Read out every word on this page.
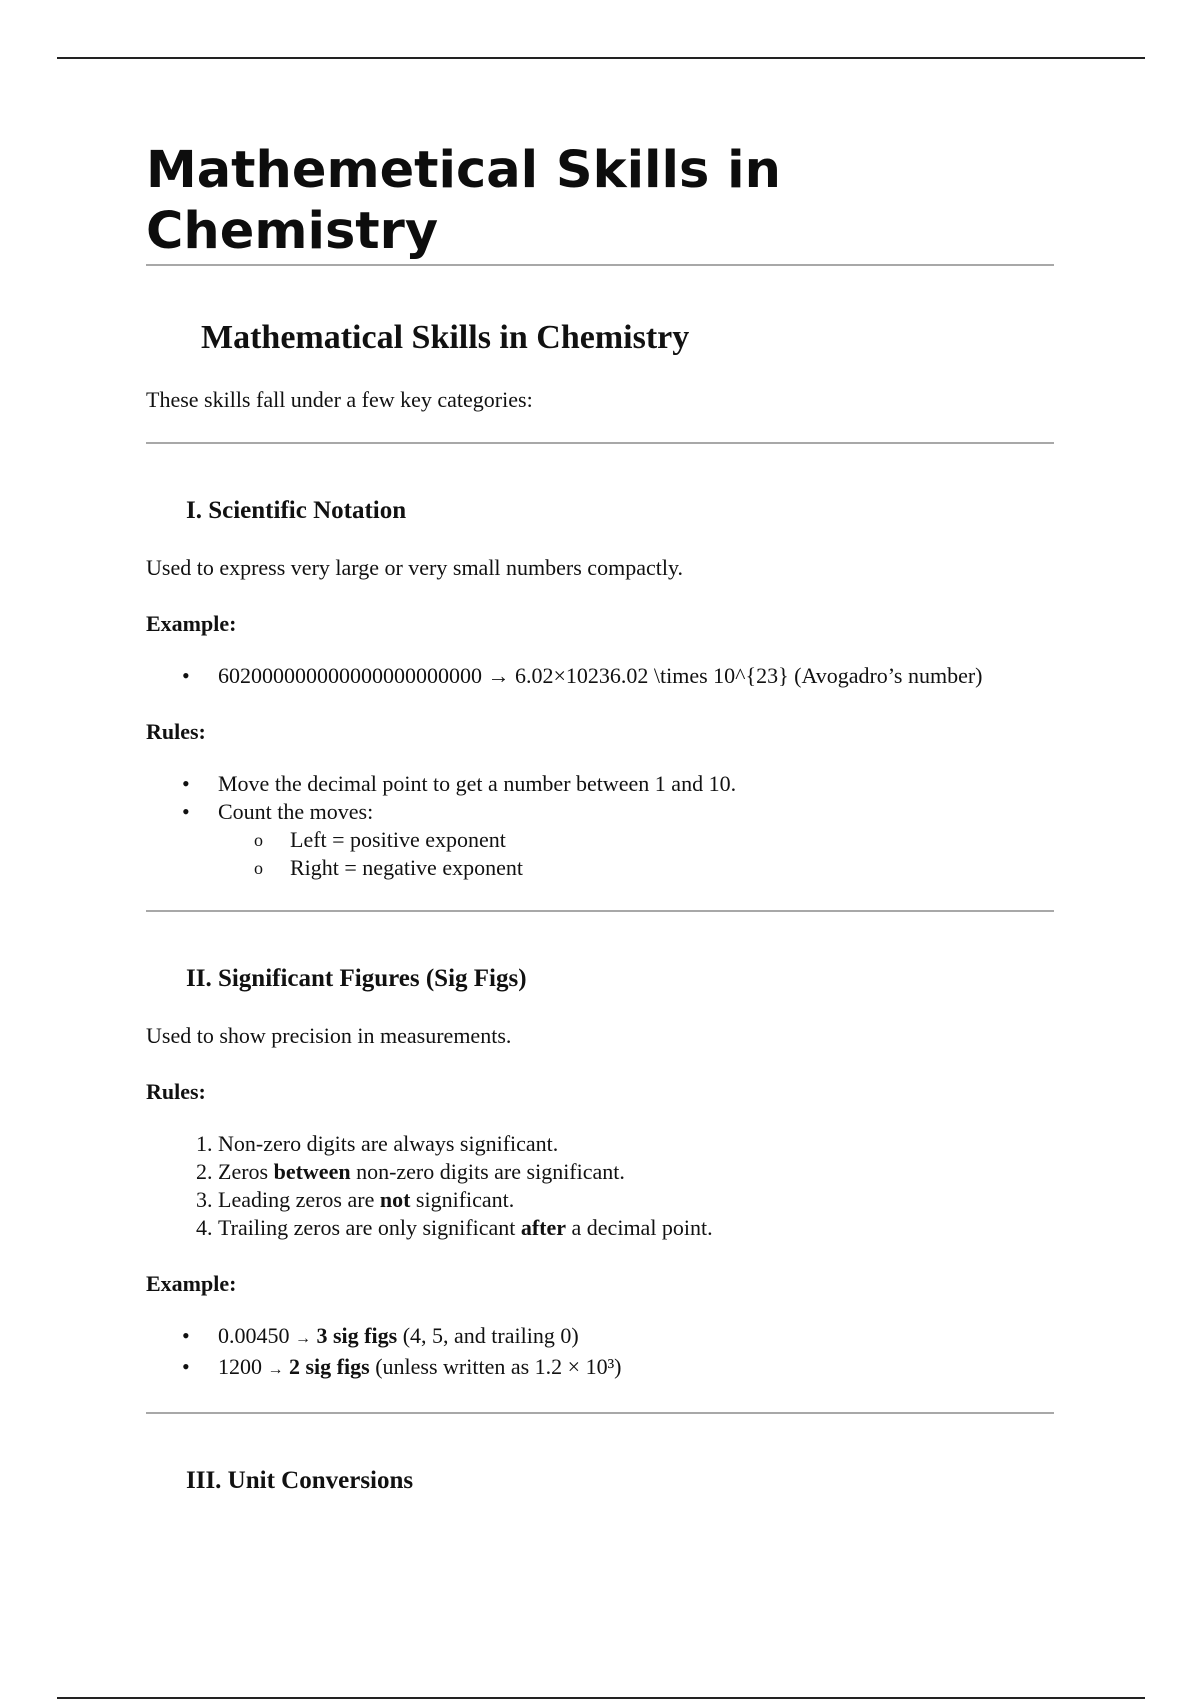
Mathemetical Skills in Chemistry
Mathematical Skills in Chemistry

These skills fall under a few key categories:

I. Scientific Notation

Used to express very large or very small numbers compactly.

Example:

• 602000000000000000000000 → 6.02×10236.02 \times 10^{23} (Avogadro’s number)

Rules:

• Move the decimal point to get a number between 1 and 10.
• Count the moves:
o Left = positive exponent
o Right = negative exponent
II. Significant Figures (Sig Figs)

Used to show precision in measurements.

Rules:

1. Non-zero digits are always significant.
2. Zeros between non-zero digits are significant.
3. Leading zeros are not significant.
4. Trailing zeros are only significant after a decimal point.

Example:

• 0.00450 → 3 sig figs (4, 5, and trailing 0)
• 1200 → 2 sig figs (unless written as 1.2 × 10³)
III. Unit Conversions
